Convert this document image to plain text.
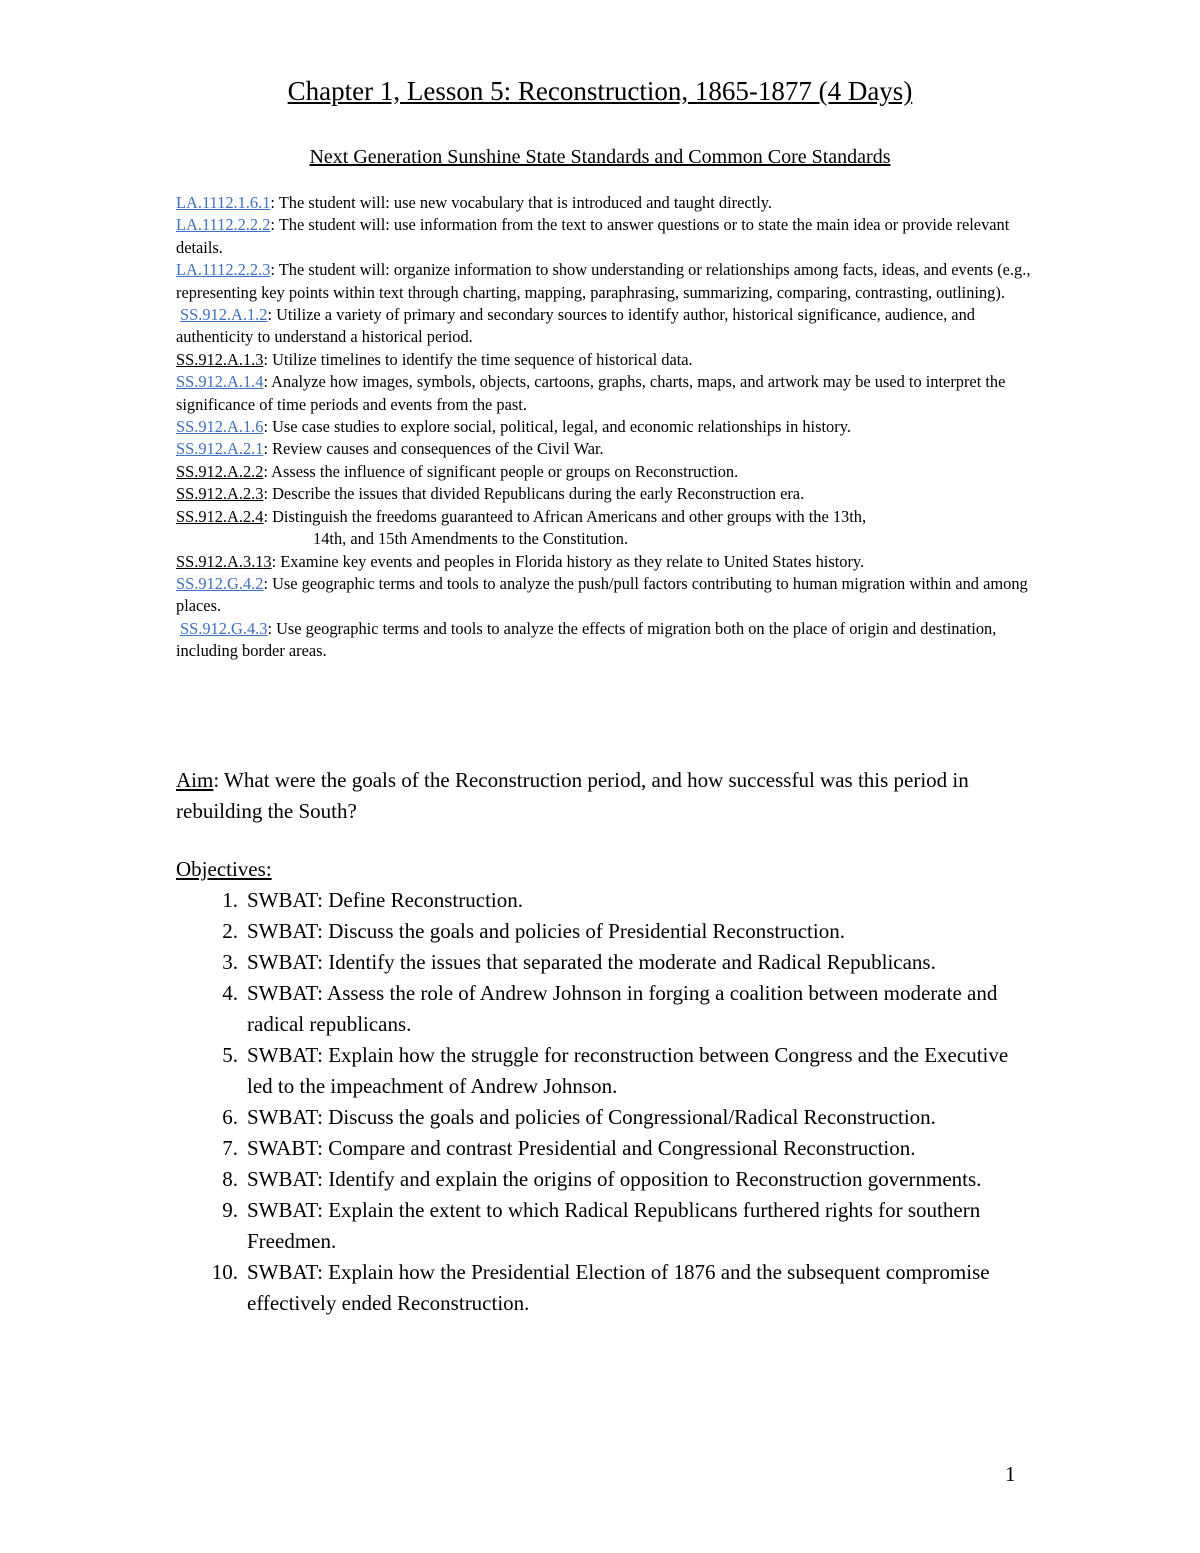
Chapter 1, Lesson 5: Reconstruction, 1865-1877 (4 Days)
Next Generation Sunshine State Standards and Common Core Standards

LA.1112.1.6.1: The student will: use new vocabulary that is introduced and taught directly.

LA.1112.2.2.2: The student will: use information from the text to answer questions or to state the main idea or provide relevant details.

LA.1112.2.2.3: The student will: organize information to show understanding or relationships among facts, ideas, and events (e.g., representing key points within text through charting, mapping, paraphrasing, summarizing, comparing, contrasting, outlining).

SS.912.A.1.2: Utilize a variety of primary and secondary sources to identify author, historical significance, audience, and authenticity to understand a historical period.

SS.912.A.1.3: Utilize timelines to identify the time sequence of historical data.

SS.912.A.1.4: Analyze how images, symbols, objects, cartoons, graphs, charts, maps, and artwork may be used to interpret the significance of time periods and events from the past.

SS.912.A.1.6: Use case studies to explore social, political, legal, and economic relationships in history.

SS.912.A.2.1: Review causes and consequences of the Civil War.

SS.912.A.2.2: Assess the influence of significant people or groups on Reconstruction.

SS.912.A.2.3: Describe the issues that divided Republicans during the early Reconstruction era.

SS.912.A.2.4: Distinguish the freedoms guaranteed to African Americans and other groups with the 13th,
14th, and 15th Amendments to the Constitution.

SS.912.A.3.13: Examine key events and peoples in Florida history as they relate to United States history.

SS.912.G.4.2: Use geographic terms and tools to analyze the push/pull factors contributing to human migration within and among places.

SS.912.G.4.3: Use geographic terms and tools to analyze the effects of migration both on the place of origin and destination, including border areas.

Aim: What were the goals of the Reconstruction period, and how successful was this period in rebuilding the South?

Objectives:

1. SWBAT: Define Reconstruction.
2. SWBAT: Discuss the goals and policies of Presidential Reconstruction.
3. SWBAT: Identify the issues that separated the moderate and Radical Republicans.
4. SWBAT: Assess the role of Andrew Johnson in forging a coalition between moderate and radical republicans.
5. SWBAT: Explain how the struggle for reconstruction between Congress and the Executive led to the impeachment of Andrew Johnson.
6. SWBAT: Discuss the goals and policies of Congressional/Radical Reconstruction.
7. SWABT: Compare and contrast Presidential and Congressional Reconstruction.
8. SWBAT: Identify and explain the origins of opposition to Reconstruction governments.
9. SWBAT: Explain the extent to which Radical Republicans furthered rights for southern Freedmen.
10. SWBAT: Explain how the Presidential Election of 1876 and the subsequent compromise effectively ended Reconstruction.
1
